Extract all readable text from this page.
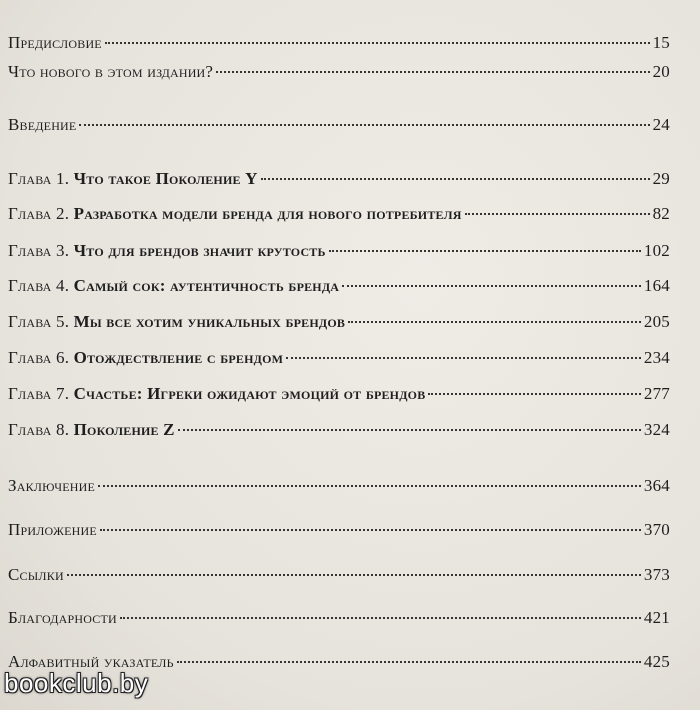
Предисловие	15
Что нового в этом издании?	20
Введение	24
Глава 1. Что такое Поколение Y	29
Глава 2. Разработка модели бренда для нового потребителя	82
Глава 3. Что для брендов значит крутость	102
Глава 4. Самый сок: аутентичность бренда	164
Глава 5. Мы все хотим уникальных брендов	205
Глава 6. Отождествление с брендом	234
Глава 7. Счастье: Игреки ожидают эмоций от брендов	277
Глава 8. Поколение Z	324
Заключение	364
Приложение	370
Ссылки	373
Благодарности	421
Алфавитный указатель	425
bookclub.by
